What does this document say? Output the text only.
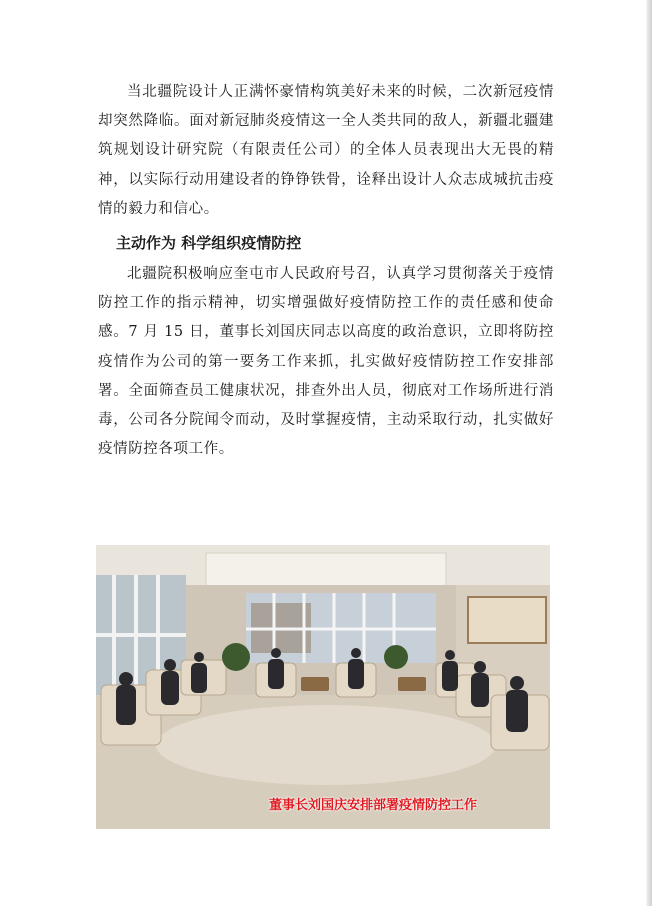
当北疆院设计人正满怀豪情构筑美好未来的时候，二次新冠疫情却突然降临。面对新冠肺炎疫情这一全人类共同的敌人，新疆北疆建筑规划设计研究院（有限责任公司）的全体人员表现出大无畏的精神，以实际行动用建设者的铮铮铁骨，诠释出设计人众志成城抗击疫情的毅力和信心。

主动作为 科学组织疫情防控

北疆院积极响应奎屯市人民政府号召，认真学习贯彻落关于疫情防控工作的指示精神，切实增强做好疫情防控工作的责任感和使命感。7 月 15 日，董事长刘国庆同志以高度的政治意识，立即将防控疫情作为公司的第一要务工作来抓，扎实做好疫情防控工作安排部署。全面筛查员工健康状况，排查外出人员，彻底对工作场所进行消毒，公司各分院闻令而动，及时掌握疫情，主动采取行动，扎实做好疫情防控各项工作。

董事长刘国庆安排部署疫情防控工作
